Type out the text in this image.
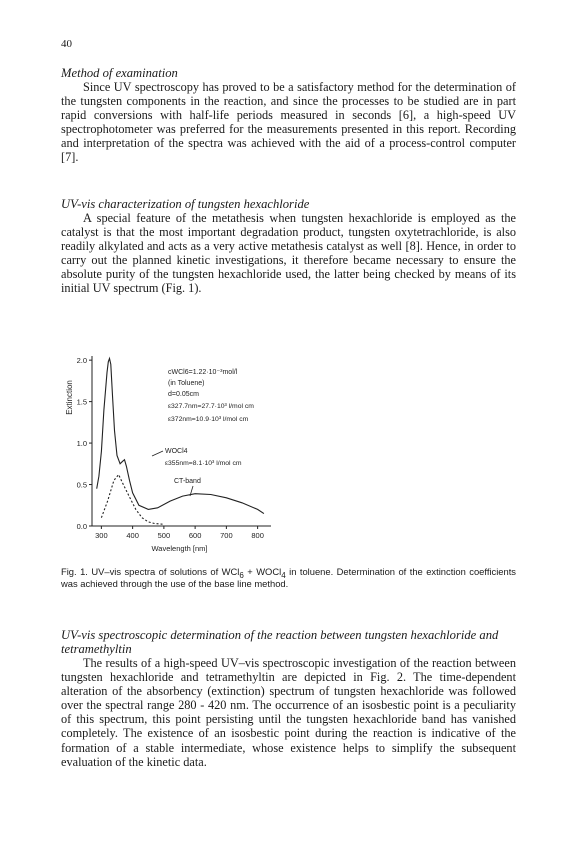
40

Method of examination

Since UV spectroscopy has proved to be a satisfactory method for the determination of the tungsten components in the reaction, and since the processes to be studied are in part rapid conversions with half-life periods measured in seconds [6], a high-speed UV spectrophotometer was preferred for the measurements presented in this report. Recording and interpretation of the spectra was achieved with the aid of a process-control computer [7].

UV-vis characterization of tungsten hexachloride

A special feature of the metathesis when tungsten hexachloride is employed as the catalyst is that the most important degradation product, tungsten oxytetrachloride, is also readily alkylated and acts as a very active metathesis catalyst as well [8]. Hence, in order to carry out the planned kinetic investigations, it therefore became necessary to ensure the absolute purity of the tungsten hexachloride used, the latter being checked by means of its initial UV spectrum (Fig. 1).

0.0
0.5
1.0
1.5
2.0
300 400 500 600 700 800
Wavelength [nm]
Extinction
cWCl6=1.22·10⁻³mol/l
(in Toluene)
d=0.05cm
ε327.7nm=27.7·10³ l/mol cm
ε372nm=10.9·10³ l/mol cm
WOCl4
ε355nm=8.1·10³ l/mol cm
CT-band
Fig. 1. UV–vis spectra of solutions of WCl$_6$ + WOCl$_4$ in toluene. Determination of the extinction coefficients was achieved through the use of the base line method.

UV-vis spectroscopic determination of the reaction between tungsten hexachloride and tetramethyltin

The results of a high-speed UV–vis spectroscopic investigation of the reaction between tungsten hexachloride and tetramethyltin are depicted in Fig. 2. The time-dependent alteration of the absorbency (extinction) spectrum of tungsten hexachloride was followed over the spectral range 280 - 420 nm. The occurrence of an isosbestic point is a peculiarity of this spectrum, this point persisting until the tungsten hexachloride band has vanished completely. The existence of an isosbestic point during the reaction is indicative of the formation of a stable intermediate, whose existence helps to simplify the subsequent evaluation of the kinetic data.
